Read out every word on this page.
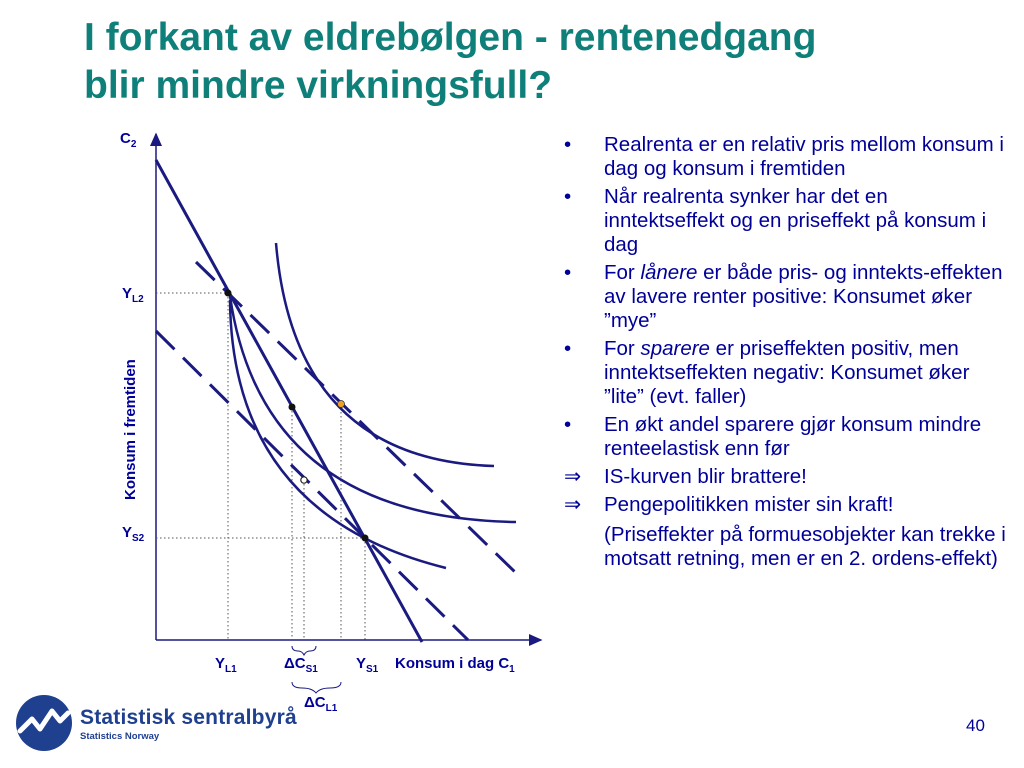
I forkant av eldrebølgen - rentenedgang
blir mindre virkningsfull?
$C_2$
Konsum i fremtiden
$Y_{L2}$
$Y_{S2}$
$Y_{L1}$	$\Delta C_{S1}$	$Y_{S1}$ Konsum i dag $C_1$
$\Delta C_{L1}$
•	Realrenta er en relativ pris mellom konsum i dag og konsum i fremtiden
•	Når realrenta synker har det en inntektseffekt og en priseffekt på konsum i dag
•	For lånere er både pris- og inntekts-effekten av lavere renter positive: Konsumet øker ”mye”
•	For sparere er priseffekten positiv, men inntektseffekten negativ: Konsumet øker ”lite” (evt. faller)
•	En økt andel sparere gjør konsum mindre renteelastisk enn før
⇒	IS-kurven blir brattere!
⇒	Pengepolitikken mister sin kraft!
(Priseffekter på formuesobjekter kan trekke i motsatt retning, men er en 2. ordens-effekt)
Statistisk sentralbyrå
Statistics Norway
40
